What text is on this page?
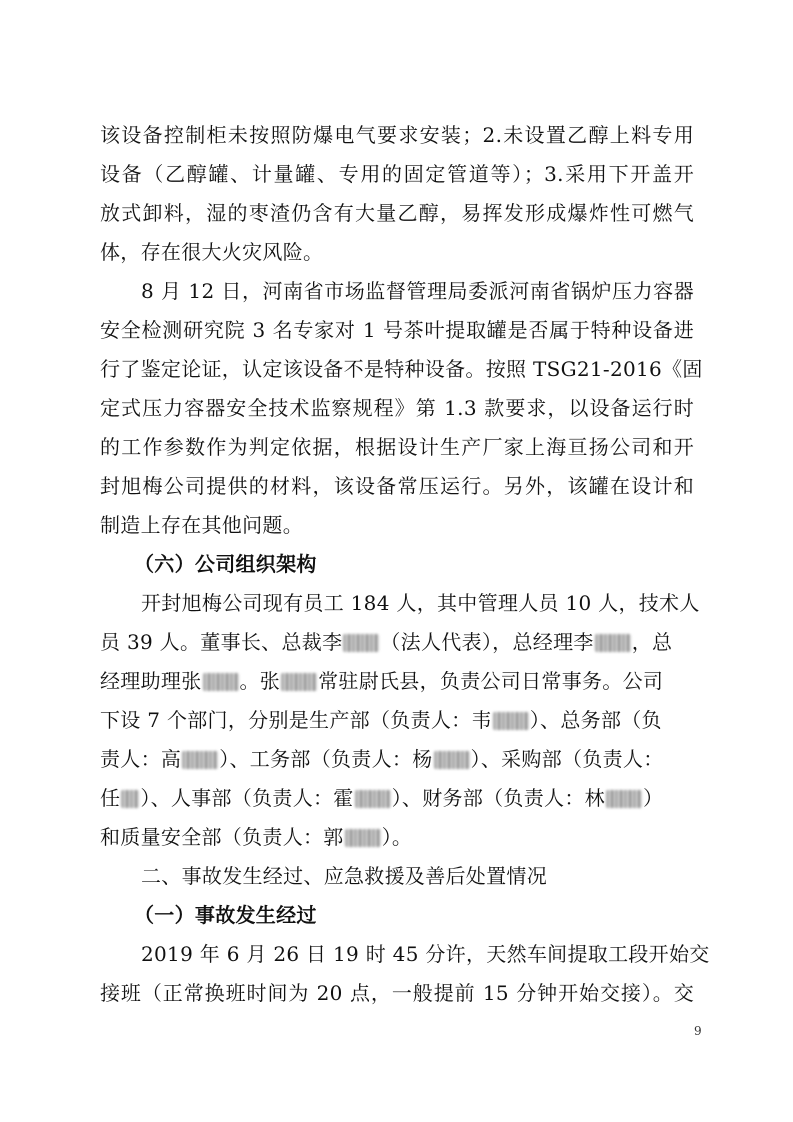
该设备控制柜未按照防爆电气要求安装；2.未设置乙醇上料专用
设备（乙醇罐、计量罐、专用的固定管道等）；3.采用下开盖开
放式卸料，湿的枣渣仍含有大量乙醇，易挥发形成爆炸性可燃气
体，存在很大火灾风险。
8 月 12 日，河南省市场监督管理局委派河南省锅炉压力容器
安全检测研究院 3 名专家对 1 号茶叶提取罐是否属于特种设备进
行了鉴定论证，认定该设备不是特种设备。按照 TSG21-2016《固
定式压力容器安全技术监察规程》第 1.3 款要求，以设备运行时
的工作参数作为判定依据，根据设计生产厂家上海亘扬公司和开
封旭梅公司提供的材料，该设备常压运行。另外，该罐在设计和
制造上存在其他问题。
（六）公司组织架构
开封旭梅公司现有员工 184 人，其中管理人员 10 人，技术人
员 39 人。董事长、总裁李 （法人代表），总经理李 ，总
经理助理张 。张 常驻尉氏县，负责公司日常事务。公司
下设 7 个部门，分别是生产部（负责人：韦 ）、总务部（负
责人：高 ）、工务部（负责人：杨 ）、采购部（负责人：
任 ）、人事部（负责人：霍 ）、财务部（负责人：林 ）
和质量安全部（负责人：郭 ）。
二、事故发生经过、应急救援及善后处置情况
（一）事故发生经过
2019 年 6 月 26 日 19 时 45 分许，天然车间提取工段开始交
接班（正常换班时间为 20 点，一般提前 15 分钟开始交接）。交
9
